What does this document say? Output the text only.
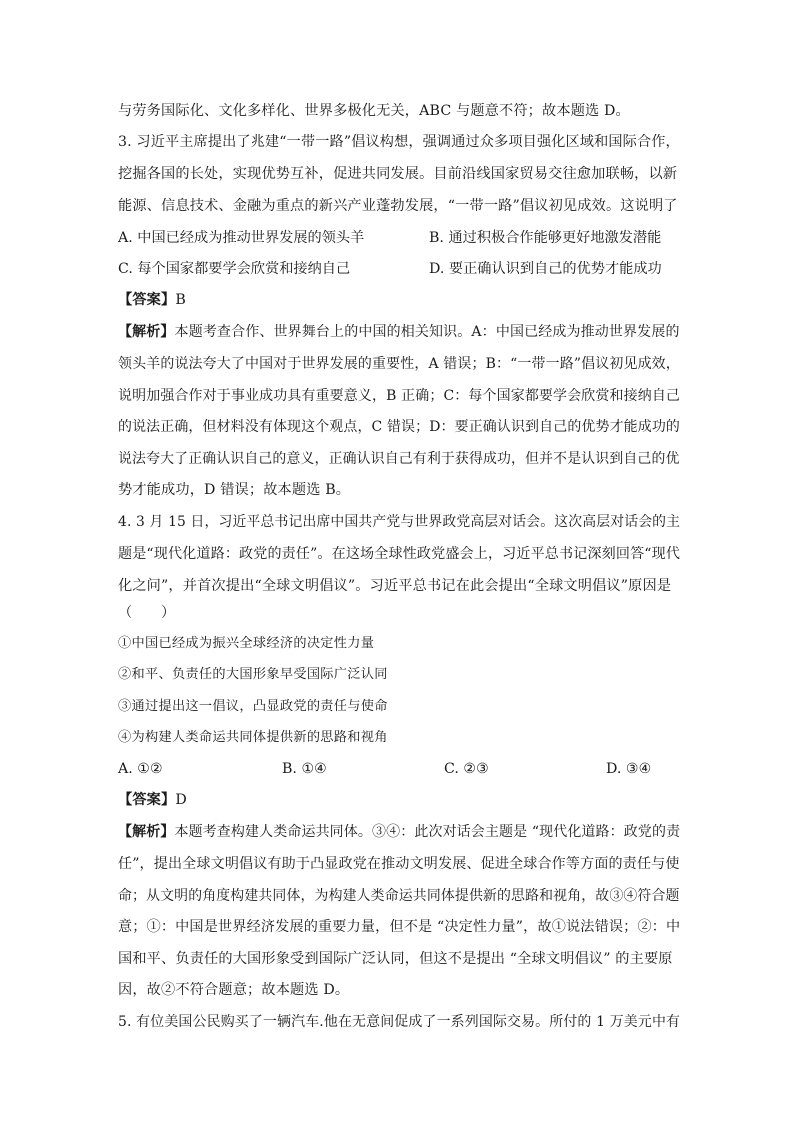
与劳务国际化、文化多样化、世界多极化无关，ABC 与题意不符；故本题选 D。
3. 习近平主席提出了兆建“一带一路”倡议构想，强调通过众多项目强化区域和国际合作，
挖掘各国的长处，实现优势互补，促进共同发展。目前沿线国家贸易交往愈加联畅，以新
能源、信息技术、金融为重点的新兴产业蓬勃发展，“一带一路”倡议初见成效。这说明了
A. 中国已经成为推动世界发展的领头羊	B. 通过积极合作能够更好地激发潜能
C. 每个国家都要学会欣赏和接纳自己	D. 要正确认识到自己的优势才能成功
【答案】B
【解析】本题考查合作、世界舞台上的中国的相关知识。A：中国已经成为推动世界发展的
领头羊的说法夸大了中国对于世界发展的重要性，A 错误；B：“一带一路”倡议初见成效，
说明加强合作对于事业成功具有重要意义，B 正确；C：每个国家都要学会欣赏和接纳自己
的说法正确，但材料没有体现这个观点，C 错误；D：要正确认识到自己的优势才能成功的
说法夸大了正确认识自己的意义，正确认识自己有利于获得成功，但并不是认识到自己的优
势才能成功，D 错误；故本题选 B。
4. 3 月 15 日，习近平总书记出席中国共产党与世界政党高层对话会。这次高层对话会的主
题是“现代化道路：政党的责任”。在这场全球性政党盛会上，习近平总书记深刻回答“现代
化之问”，并首次提出“全球文明倡议”。习近平总书记在此会提出“全球文明倡议”原因是
（　　）
①中国已经成为振兴全球经济的决定性力量
②和平、负责任的大国形象早受国际广泛认同
③通过提出这一倡议，凸显政党的责任与使命
④为构建人类命运共同体提供新的思路和视角
A. ①②	B. ①④	C. ②③	D. ③④
【答案】D
【解析】本题考查构建人类命运共同体。③④：此次对话会主题是 “现代化道路：政党的责
任”，提出全球文明倡议有助于凸显政党在推动文明发展、促进全球合作等方面的责任与使
命；从文明的角度构建共同体，为构建人类命运共同体提供新的思路和视角，故③④符合题
意；①：中国是世界经济发展的重要力量，但不是 “决定性力量”，故①说法错误；②：中
国和平、负责任的大国形象受到国际广泛认同，但这不是提出 “全球文明倡议” 的主要原
因，故②不符合题意；故本题选 D。
5. 有位美国公民购买了一辆汽车.他在无意间促成了一系列国际交易。所付的 1 万美元中有
